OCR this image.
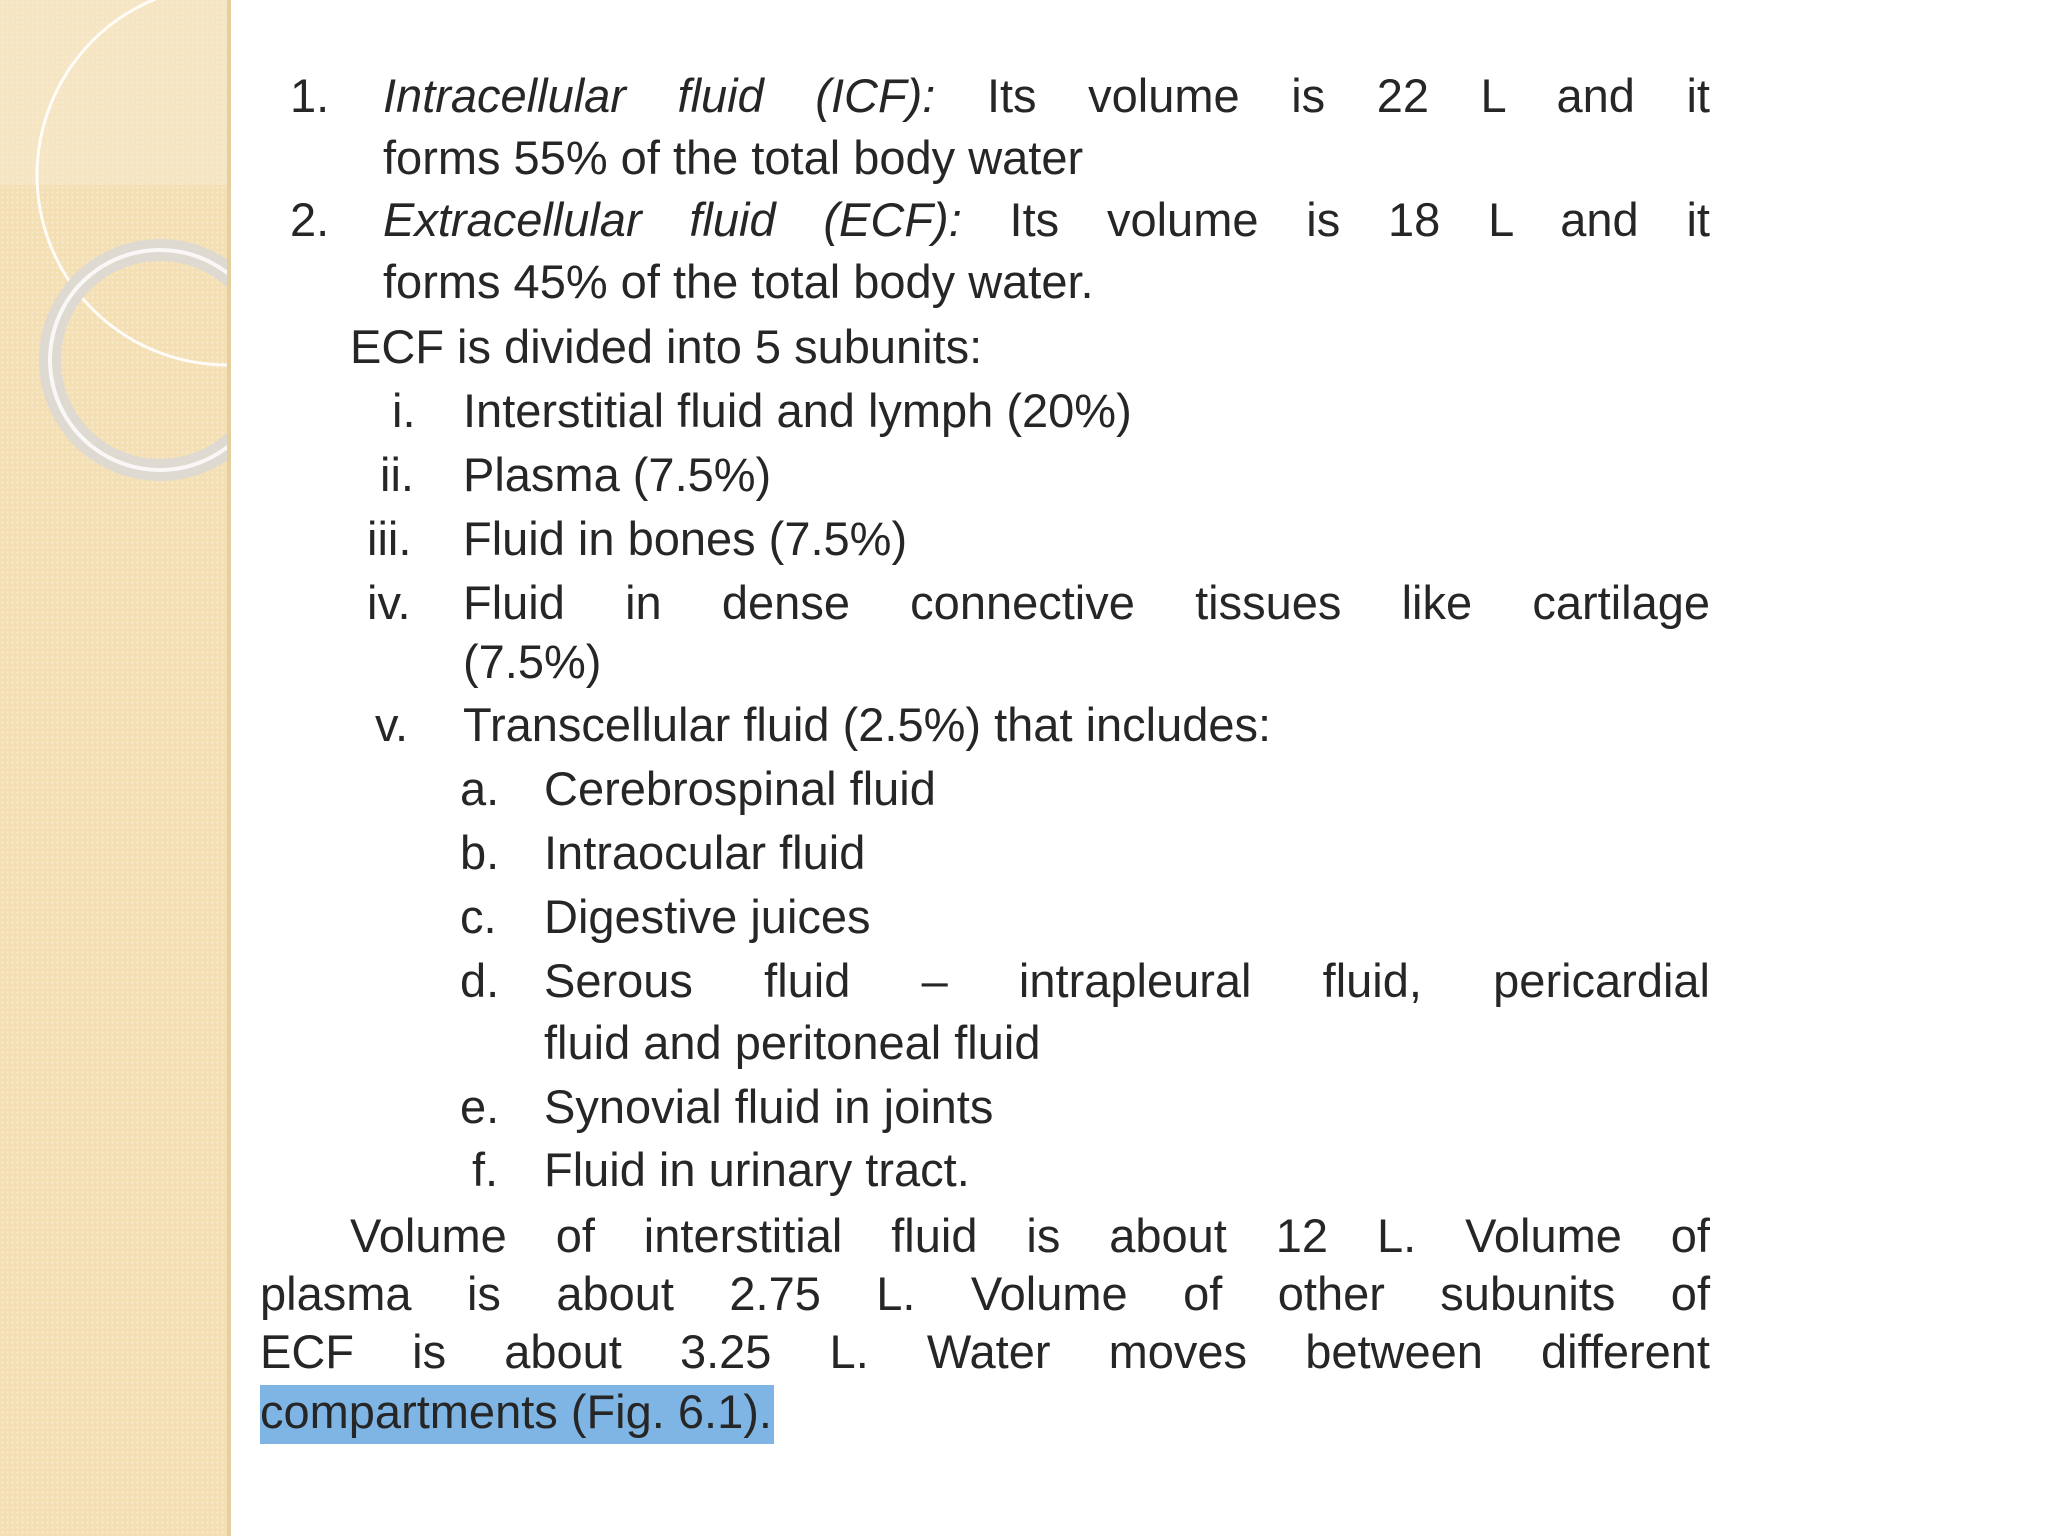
1. Intracellular fluid (ICF): Its volume is 22 L and it
forms 55% of the total body water
2. Extracellular fluid (ECF): Its volume is 18 L and it
forms 45% of the total body water.
ECF is divided into 5 subunits:
i. Interstitial fluid and lymph (20%)
ii. Plasma (7.5%)
iii. Fluid in bones (7.5%)
iv. Fluid in dense connective tissues like cartilage
(7.5%)
v. Transcellular fluid (2.5%) that includes:
a. Cerebrospinal fluid
b. Intraocular fluid
c. Digestive juices
d. Serous fluid – intrapleural fluid, pericardial
fluid and peritoneal fluid
e. Synovial fluid in joints
f. Fluid in urinary tract.
Volume of interstitial fluid is about 12 L. Volume of
plasma is about 2.75 L. Volume of other subunits of
ECF is about 3.25 L. Water moves between different
compartments (Fig. 6.1).
